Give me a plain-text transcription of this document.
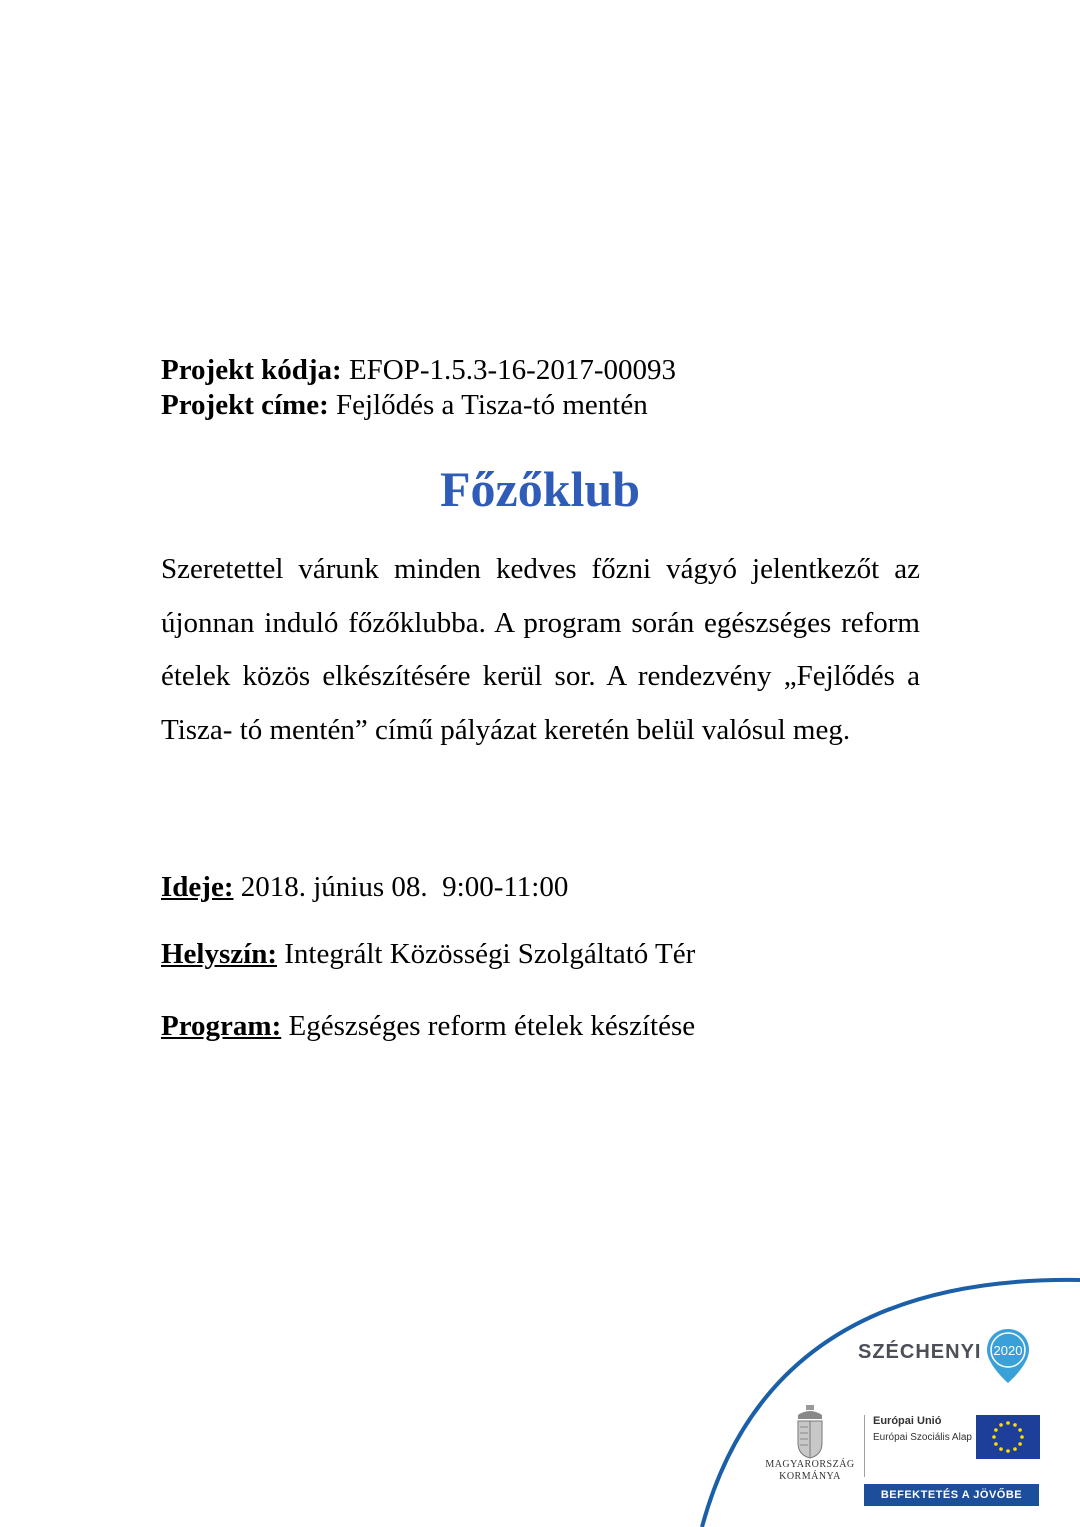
Projekt kódja: EFOP-1.5.3-16-2017-00093
Projekt címe: Fejlődés a Tisza-tó mentén
Főzőklub
Szeretettel várunk minden kedves főzni vágyó jelentkezőt az újonnan induló főzőklubba. A program során egészséges reform ételek közös elkészítésére kerül sor. A rendezvény „Fejlődés a Tisza- tó mentén” című pályázat keretén belül valósul meg.
Ideje: 2018. június 08.  9:00-11:00
Helyszín: Integrált Közösségi Szolgáltató Tér
Program: Egészséges reform ételek készítése
SZÉCHENYI 2020
MAGYARORSZÁG
KORMÁNYA
Európai Unió
Európai Szociális Alap
BEFEKTETÉS A JÖVŐBE
